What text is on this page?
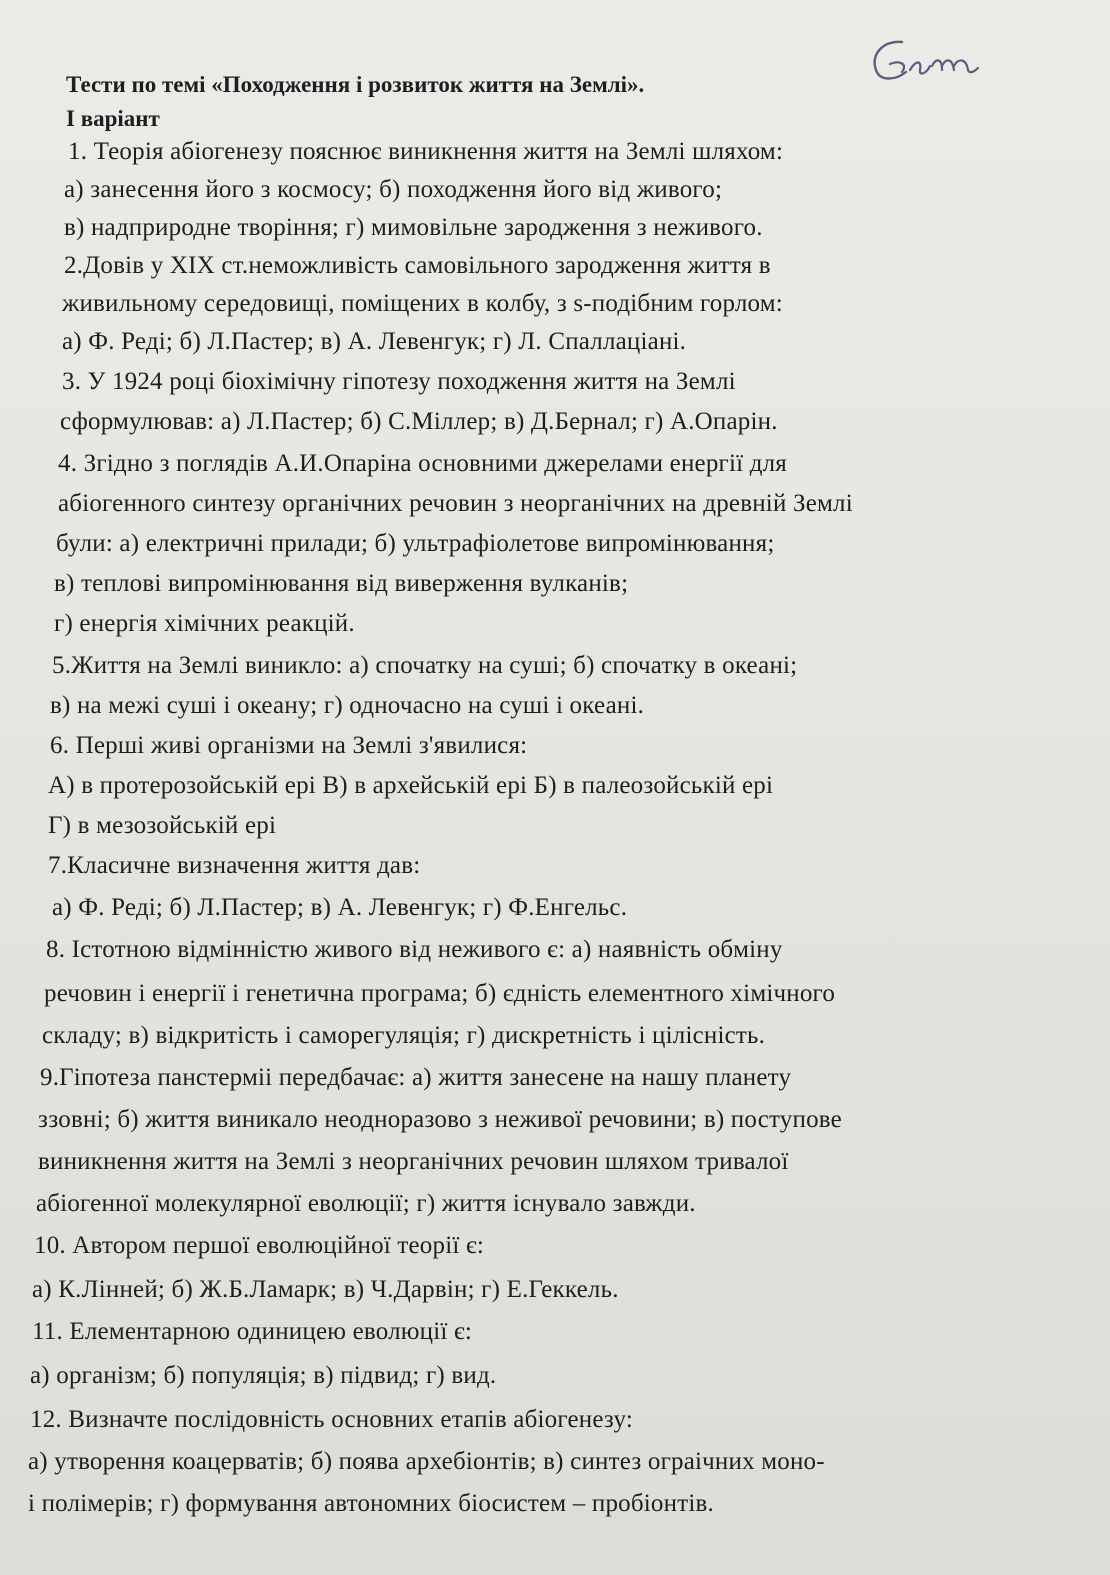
Тести по темі «Походження і розвиток життя на Землі».
І варіант
1. Теорія абіогенезу пояснює виникнення життя на Землі шляхом:
а) занесення його з космосу; б) походження його від живого;
в) надприродне творіння; г) мимовільне зародження з неживого.
2.Довів у XIX ст.неможливість самовільного зародження життя в
живильному середовищі, поміщених в колбу, з s-подібним горлом:
а) Ф. Реді; б) Л.Пастер; в) А. Левенгук; г) Л. Спаллаціані.
3. У 1924 році біохімічну гіпотезу походження життя на Землі
сформулював: а) Л.Пастер; б) С.Міллер; в) Д.Бернал; г) А.Опарін.
4. Згідно з поглядів А.И.Опаріна основними джерелами енергії для
абіогенного синтезу органічних речовин з неорганічних на древній Землі
були: а) електричні прилади; б) ультрафіолетове випромінювання;
в) теплові випромінювання від виверження вулканів;
г) енергія хімічних реакцій.
5.Життя на Землі виникло: а) спочатку на суші; б) спочатку в океані;
в) на межі суші і океану; г) одночасно на суші і океані.
6. Перші живі організми на Землі з'явилися:
А) в протерозойській ері В) в архейській ері Б) в палеозойській ері
Г) в мезозойській ері
7.Класичне визначення життя дав:
а) Ф. Реді; б) Л.Пастер; в) А. Левенгук; г) Ф.Енгельс.
8. Істотною відмінністю живого від неживого є: а) наявність обміну
речовин і енергії і генетична програма; б) єдність елементного хімічного
складу; в) відкритість і саморегуляція; г) дискретність і цілісність.
9.Гіпотеза панстерміі передбачає: а) життя занесене на нашу планету
ззовні; б) життя виникало неодноразово з неживої речовини; в) поступове
виникнення життя на Землі з неорганічних речовин шляхом тривалої
абіогенної молекулярної еволюції; г) життя існувало завжди.
10. Автором першої еволюційної теорії є:
а) К.Лінней; б) Ж.Б.Ламарк; в) Ч.Дарвін; г) Е.Геккель.
11. Елементарною одиницею еволюції є:
а) організм; б) популяція; в) підвид; г) вид.
12. Визначте послідовність основних етапів абіогенезу:
а) утворення коацерватів; б) поява архебіонтів; в) синтез ограічних моно-
і полімерів; г) формування автономних біосистем – пробіонтів.
